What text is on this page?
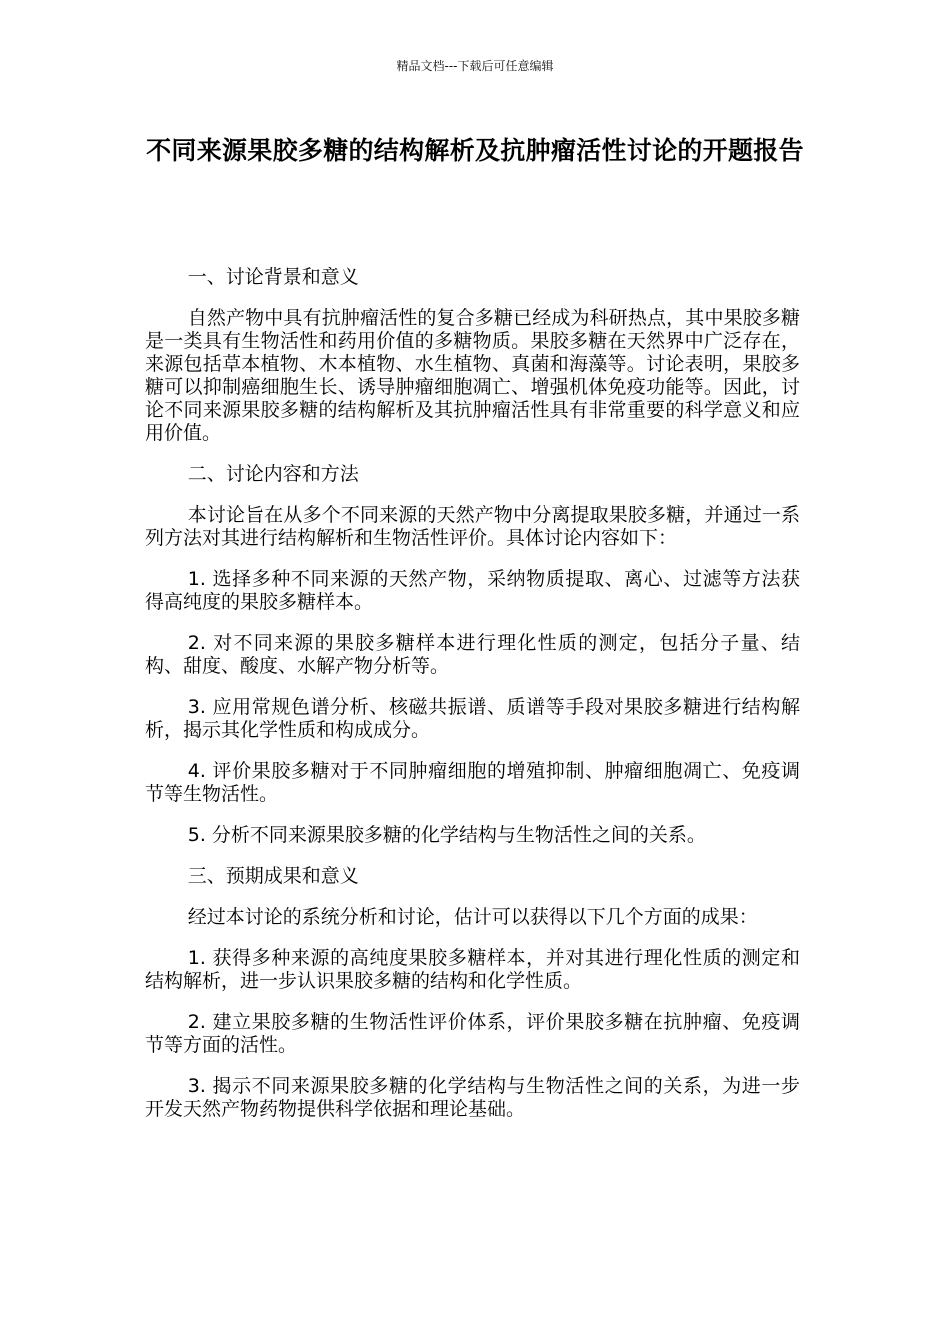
精品文档---下载后可任意编辑
不同来源果胶多糖的结构解析及抗肿瘤活性讨论的开题报告

一、讨论背景和意义

自然产物中具有抗肿瘤活性的复合多糖已经成为科研热点，其中果胶多糖是一类具有生物活性和药用价值的多糖物质。果胶多糖在天然界中广泛存在，来源包括草本植物、木本植物、水生植物、真菌和海藻等。讨论表明，果胶多糖可以抑制癌细胞生长、诱导肿瘤细胞凋亡、增强机体免疫功能等。因此，讨论不同来源果胶多糖的结构解析及其抗肿瘤活性具有非常重要的科学意义和应用价值。

二、讨论内容和方法

本讨论旨在从多个不同来源的天然产物中分离提取果胶多糖，并通过一系列方法对其进行结构解析和生物活性评价。具体讨论内容如下：

1. 选择多种不同来源的天然产物，采纳物质提取、离心、过滤等方法获得高纯度的果胶多糖样本。

2. 对不同来源的果胶多糖样本进行理化性质的测定，包括分子量、结构、甜度、酸度、水解产物分析等。

3. 应用常规色谱分析、核磁共振谱、质谱等手段对果胶多糖进行结构解析，揭示其化学性质和构成成分。

4. 评价果胶多糖对于不同肿瘤细胞的增殖抑制、肿瘤细胞凋亡、免疫调节等生物活性。

5. 分析不同来源果胶多糖的化学结构与生物活性之间的关系。

三、预期成果和意义

经过本讨论的系统分析和讨论，估计可以获得以下几个方面的成果：

1. 获得多种来源的高纯度果胶多糖样本，并对其进行理化性质的测定和结构解析，进一步认识果胶多糖的结构和化学性质。

2. 建立果胶多糖的生物活性评价体系，评价果胶多糖在抗肿瘤、免疫调节等方面的活性。

3. 揭示不同来源果胶多糖的化学结构与生物活性之间的关系，为进一步开发天然产物药物提供科学依据和理论基础。
